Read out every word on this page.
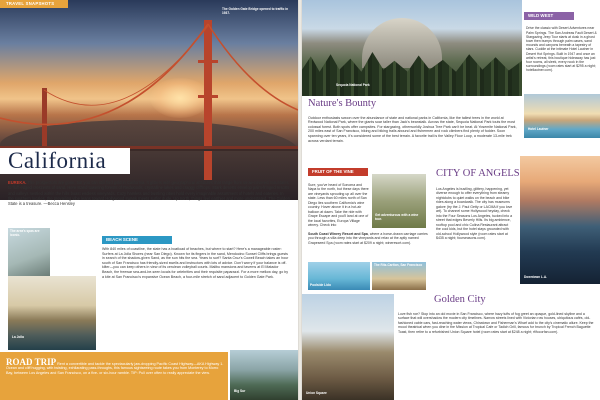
TRAVEL SNAPSHOTS
The Golden Gate Bridge opened to traffic in 1937.
California

EUREKA. The prospectors are gone, but you can still find gold in California. It glitters with geographical attributes that range from snow-covered mountains to fluff-edged crescents of sand. Here stand towering forests of Redwoods, crystalline lakes and craggy clifftops. Stark deserts envelop palm-fringed resorts and valleys nestled within the hills boast endless vineyards. Cozy hamlets and bustling cities hold every imaginable assortment of hotels and eateries. In the southern locales, the prevailing vibe leans toward Hollywood swank meets surfer dude. Up north, things feel earthier and more understated. The Golden State is a treasure. —Becca Hensley

The area's spas are iconic.
La Jolla
BEACH SCENE

With 840 miles of coastline, the state has a boatload of beaches, but where to start? Here's a manageable roster: Surfers at La Jolla Shores (near San Diego). Known for its fingers in the sand, Mendocino Sunset Cliffs brings guests in search of the shadow-given Sand, as the sun hits the sea. Years to surf? Santa Cruz's Cowell Beach takes an hour south of San Francisco has friendly-sized swells and instructors with lots of advice. Don't worry if your balance is off-kilter—you can keep others in view of its cerulean volleyball courts. Malibu mansions and taverns at El Matador Beach, the freewar sea-and-be-seen locals for celebrities and their requisite paparazzi. For a more mellow day, go by a kite at San Francisco's expansive Ocean Beach, a four-mile stretch of sand adjacent to Golden Gate Park.

Big Sur

ROAD TRIP Rent a convertible and tackle the spectacularly jaw-dropping Pacific Coast Highway—AKA Highway 1. Ocean and cliff hugging, with twisting, exhilarating pass-throughs, this famous sightseeing route takes you from Monterey to Morro Bay, between Los Angeles and San Francisco, on a five- or six-hour ramble. TIP: Pull over often to really appreciate the view.

Sequoia National Park
WILD WEST

Drive the classic with Desert Adventures near Palm Springs. The San Andreas Fault Desert & Stargazing Jeep Tour starts at dusk in a ghost town then bumps through palm oases, sand mounds and canyons beneath a tapestry of stars. Cuddle at the intimate Hotel Lautner in Desert Hot Springs. Built in 1947 and once an artist's retreat, this boutique hideaway has just four rooms, all sleek, every nook in the surroundings (room rates start at $295 a night; hotellautner.com).

Hotel Lautner
Nature's Bounty

Outdoor enthusiasts swoon over the abundance of state and national parks in California, like the tallest trees in the world at Redwood National Park, where the giants soar taller than Jack's beanstalk. Across the state, Sequoia National Park touts the most colossal forest. Both spots offer campsites. For stargazing, otherworldly Joshua Tree Park can't be beat. At Yosemite National Park, 200 miles east of San Francisco, hiking and biking trails abound and fishermen and rock climbers find plenty of fodder. Soon spanning over ten years, it's considered some of the best terrain. A favorite trail is the Valley Floor Loop, a moderate 13-mile trek across verdant terrain.

FRUIT OF THE VINE

Sure, you've heard of Sonoma and Napa to the north, but these days there are vineyards sprouting up all over the state. Less than 60 miles north of San Diego lies southern California's wine country. Hover above it in a hot-air balloon at dawn. Take the ride with Grape Escape and you'll land at one of the local favorites, Europa Village winery. Check into

Get adventurous with a wine tour.

South Coast Winery Resort and Spa, where a horse-drawn carriage carries you through a villa deep into the vineyards and relax at the aptly named Grapeseed Spa (room rates start at $209 a night; wineresort.com).

Poolside Lido
The Ritz-Carlton, San Francisco
CITY OF ANGELS

Los Angeles is bustling, glittery, happening, yet diverse enough to offer everything from steamy nightclubs to quiet walks on the beach and bike rides along a boardwalk. The city has museums galore (try the J. Paul Getty or LACMA if you love art). To channel some Hollywood heyday, check into the Four Seasons Los Angeles, tucked into a street that edges Beverly Hills. Its big ambience, rooftop pool and chic Culina Restaurant attract the cool kids, but the hotel stays grounded with old-school Hollywood style (room rates start at $435 a night; fourseasons.com).

Downtown L.A.
Union Square
Golden City

Love fish roe? Stop into an old movie in San Francisco, where hazy tufts of fog greet an opaque, gold-lined skyline and a surface that will overshadow the modern city timelines. Narrow streets lined with Victorian row houses, ubiquitous cafés, old-fashioned cable cars, fast-reaching water views, Chinatown and Fisherman's Wharf add to the city's cinematic allure. Keep the mood theatrical when you dine in the Mission at Tropical Cafe or Tadich Grill, famous for brunch by Tropical French Baguette Toast, then retire to a refurbished Union Square hotel (room rates start at $248 a night; rfifocorfan.com).
